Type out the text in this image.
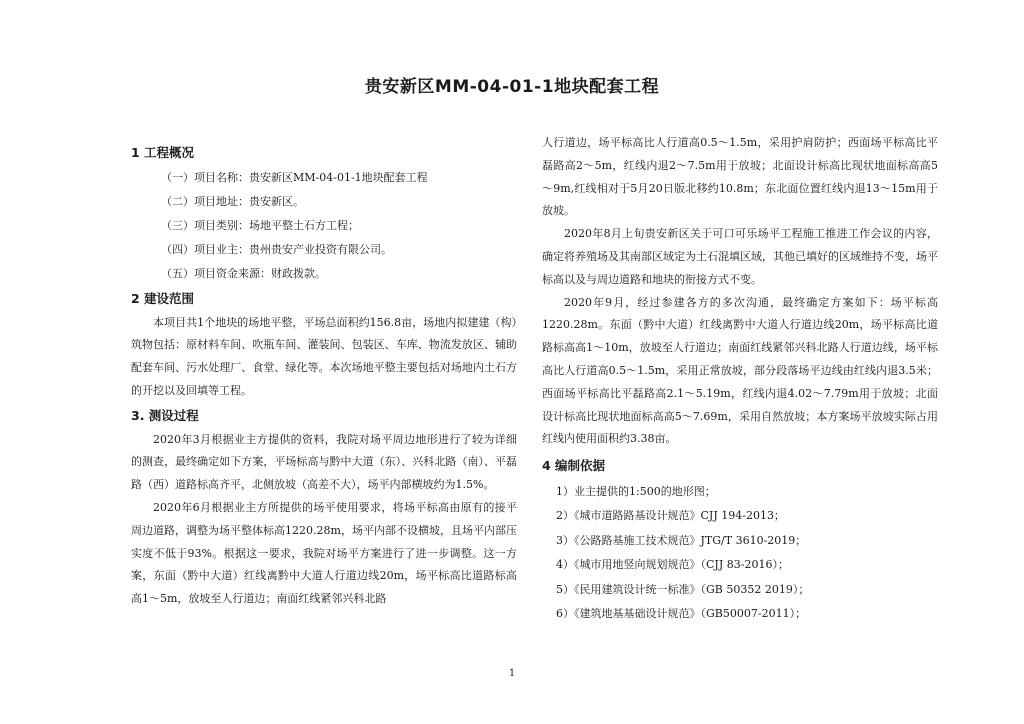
贵安新区MM-04-01-1地块配套工程

1 工程概况

（一）项目名称：贵安新区MM-04-01-1地块配套工程

（二）项目地址：贵安新区。

（三）项目类别：场地平整土石方工程；

（四）项目业主：贵州贵安产业投资有限公司。

（五）项目资金来源：财政拨款。

2 建设范围

本项目共1个地块的场地平整，平场总面积约156.8亩，场地内拟建建（构）筑物包括：原材料车间、吹瓶车间、灌装间、包装区、车库、物流发放区、辅助配套车间、污水处理厂、食堂、绿化等。本次场地平整主要包括对场地内土石方的开挖以及回填等工程。

3. 测设过程

2020年3月根据业主方提供的资料，我院对场平周边地形进行了较为详细的测查，最终确定如下方案，平场标高与黔中大道（东）、兴科北路（南）、平磊路（西）道路标高齐平，北侧放坡（高差不大），场平内部横坡约为1.5%。

2020年6月根据业主方所提供的场平使用要求，将场平标高由原有的接平周边道路，调整为场平整体标高1220.28m，场平内部不设横坡，且场平内部压实度不低于93%。根据这一要求，我院对场平方案进行了进一步调整。这一方案，东面（黔中大道）红线离黔中大道人行道边线20m，场平标高比道路标高高1～5m，放坡至人行道边；南面红线紧邻兴科北路

人行道边，场平标高比人行道高0.5～1.5m，采用护肩防护；西面场平标高比平磊路高2～5m，红线内退2～7.5m用于放坡；北面设计标高比现状地面标高高5～9m,红线相对于5月20日版北移约10.8m；东北面位置红线内退13～15m用于放坡。

2020年8月上旬贵安新区关于可口可乐场平工程施工推进工作会议的内容，确定将养殖场及其南部区域定为土石混填区域，其他已填好的区域维持不变，场平标高以及与周边道路和地块的衔接方式不变。

2020年9月，经过参建各方的多次沟通，最终确定方案如下：场平标高1220.28m。东面（黔中大道）红线离黔中大道人行道边线20m，场平标高比道路标高高1～10m，放坡至人行道边；南面红线紧邻兴科北路人行道边线，场平标高比人行道高0.5～1.5m，采用正常放坡，部分段落场平边线由红线内退3.5米；西面场平标高比平磊路高2.1～5.19m，红线内退4.02～7.79m用于放坡；北面设计标高比现状地面标高高5～7.69m，采用自然放坡；本方案场平放坡实际占用红线内使用面积约3.38亩。

4 编制依据

1）业主提供的1:500的地形图；

2）《城市道路路基设计规范》CJJ 194-2013；

3）《公路路基施工技术规范》JTG/T 3610-2019；

4）《城市用地竖向规划规范》（CJJ 83-2016）；

5）《民用建筑设计统一标准》（GB 50352 2019）；

6）《建筑地基基础设计规范》（GB50007-2011）；

1
